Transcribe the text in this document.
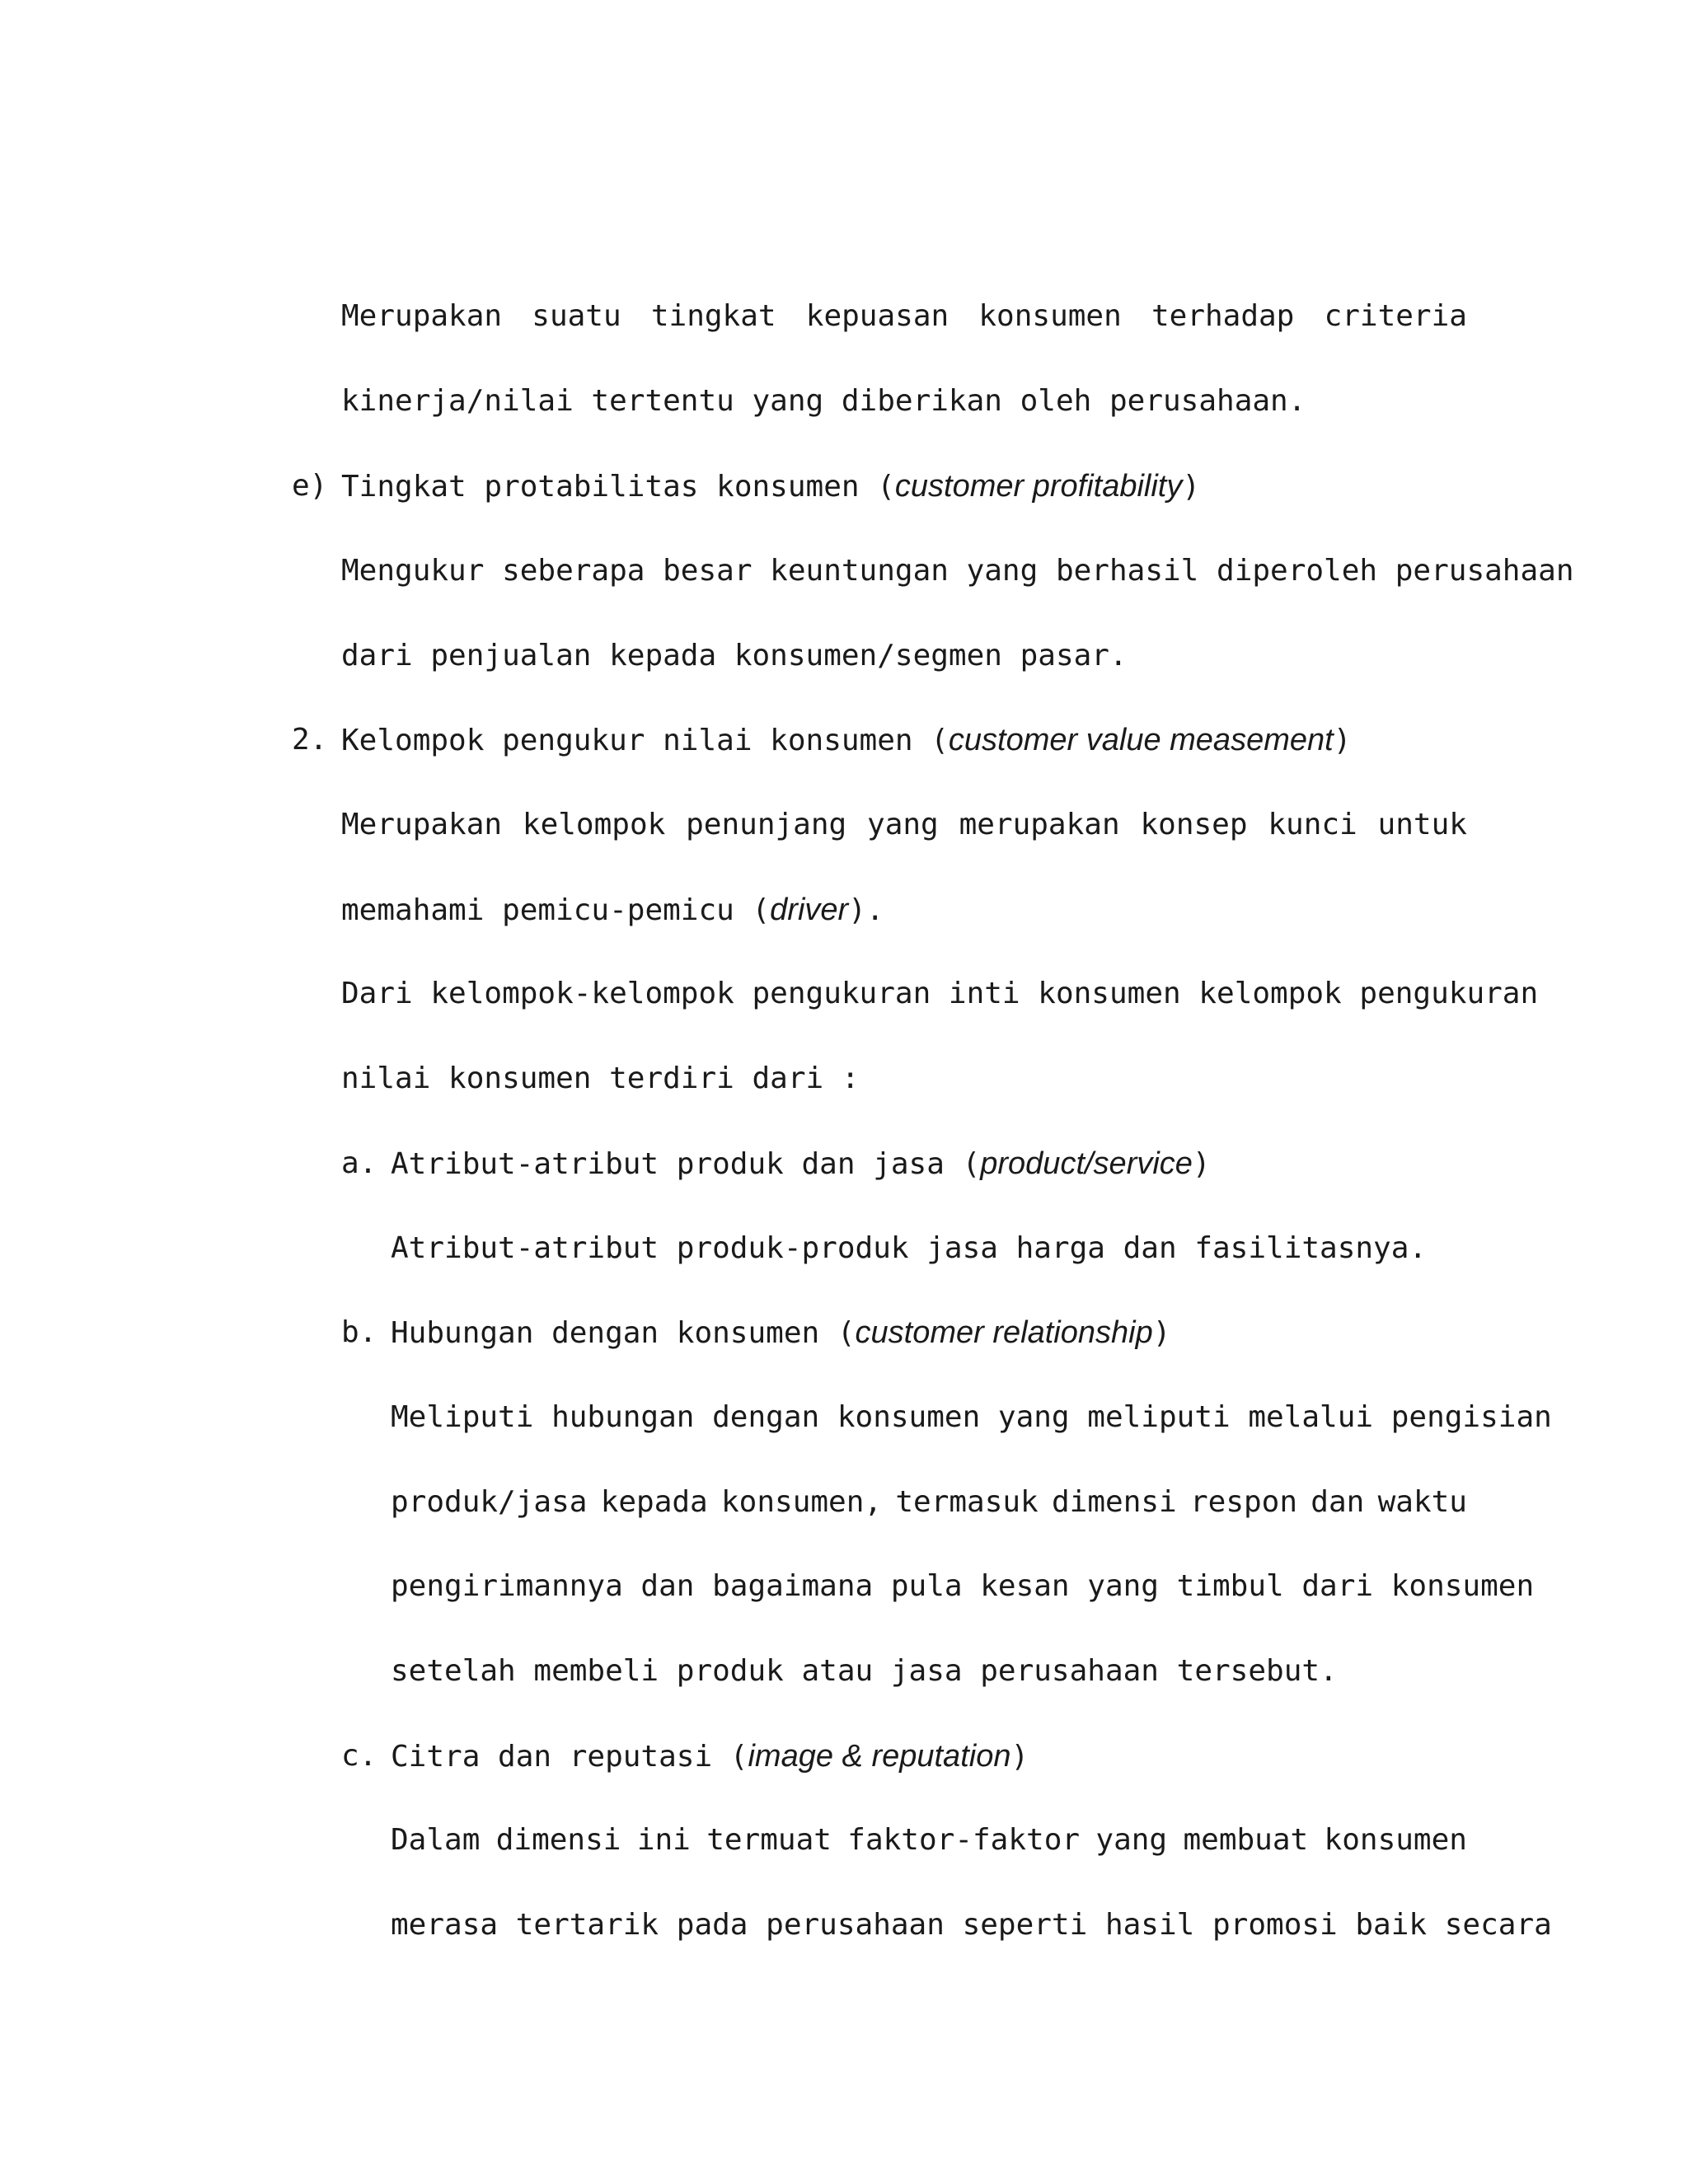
Merupakan suatu tingkat kepuasan konsumen terhadap criteria
kinerja/nilai tertentu yang diberikan oleh perusahaan.
e) Tingkat protabilitas konsumen (customer profitability)
Mengukur seberapa besar keuntungan yang berhasil diperoleh perusahaan
dari penjualan kepada konsumen/segmen pasar.
2. Kelompok pengukur nilai konsumen (customer value measement)
Merupakan kelompok penunjang yang merupakan konsep kunci untuk
memahami pemicu-pemicu (driver).
Dari kelompok-kelompok pengukuran inti konsumen kelompok pengukuran
nilai konsumen terdiri dari :
a. Atribut-atribut produk dan jasa (product/service)
Atribut-atribut produk-produk jasa harga dan fasilitasnya.
b. Hubungan dengan konsumen (customer relationship)
Meliputi hubungan dengan konsumen yang meliputi melalui pengisian
produk/jasa kepada konsumen, termasuk dimensi respon dan waktu
pengirimannya dan bagaimana pula kesan yang timbul dari konsumen
setelah membeli produk atau jasa perusahaan tersebut.
c. Citra dan reputasi (image & reputation)
Dalam dimensi ini termuat faktor-faktor yang membuat konsumen
merasa tertarik pada perusahaan seperti hasil promosi baik secara
